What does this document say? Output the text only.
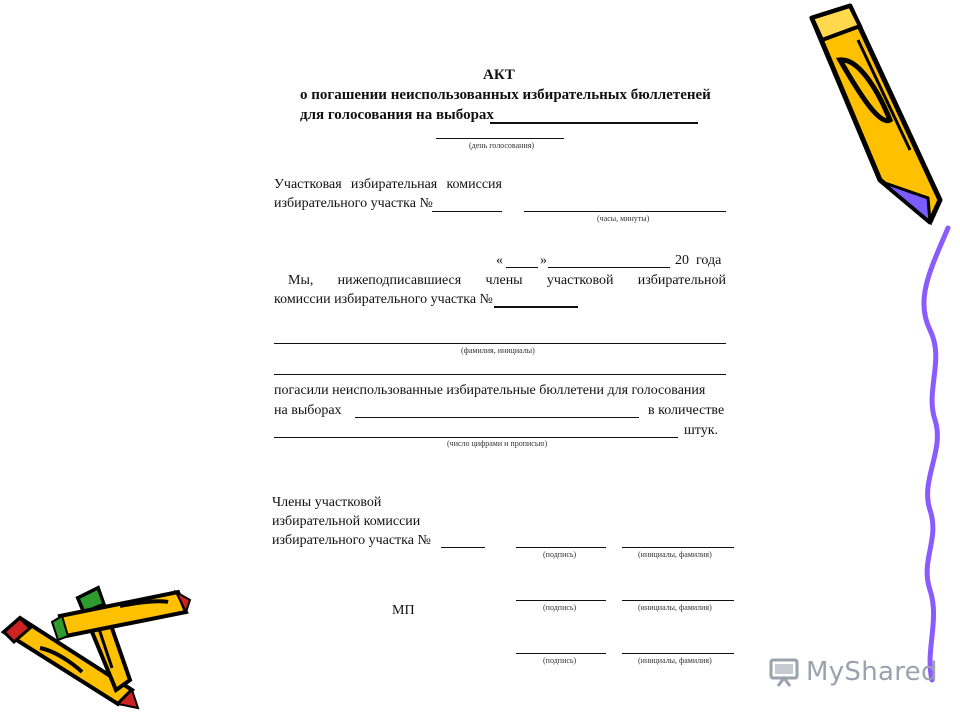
АКТ
о погашении неиспользованных избирательных бюллетеней
для голосования на выборах
(день голосования)
Участковая избирательная комиссия
избирательного участка №
(часы, минуты)
«	»	20 года
Мы, нижеподписавшиеся члены участковой избирательной
комиссии избирательного участка №
(фамилия, инициалы)
погасили неиспользованные избирательные бюллетени для голосования
на выборах	в количестве
штук.
(число цифрами и прописью)
Члены участковой
избирательной комиссии
избирательного участка №
(подпись)	(инициалы, фамилия)
МП	(подпись)	(инициалы, фамилия)
(подпись)	(инициалы, фамилия)	MyShared
